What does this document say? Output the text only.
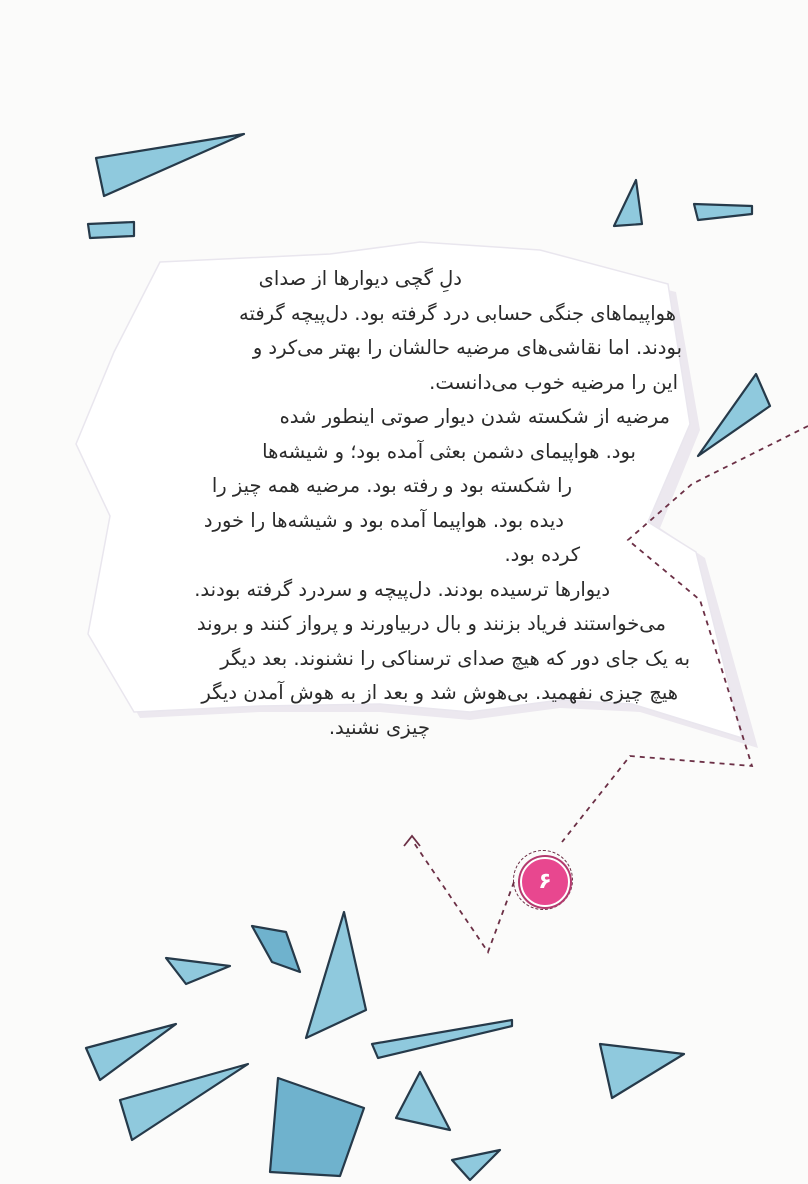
دلِ گچی دیوارها از صدای
هواپیماهای جنگی حسابی درد گرفته بود. دل‌پیچه گرفته
بودند. اما نقاشی‌های مرضیه حالشان را بهتر می‌کرد و
این را مرضیه خوب می‌دانست.
مرضیه از شکسته شدن دیوار صوتی اینطور شده
بود. هواپیمای دشمن بعثی آمده بود؛ و شیشه‌ها
را شکسته بود و رفته بود. مرضیه همه چیز را
دیده بود. هواپیما آمده بود و شیشه‌ها را خورد
کرده بود.
دیوارها ترسیده بودند. دل‌پیچه و سردرد گرفته بودند.
می‌خواستند فریاد بزنند و بال دربیاورند و پرواز کنند و بروند
به یک جای دور که هیچ صدای ترسناکی را نشنوند. بعد دیگر
هیچ چیزی نفهمید. بی‌هوش شد و بعد از به هوش آمدن دیگر
چیزی نشنید.
۶
